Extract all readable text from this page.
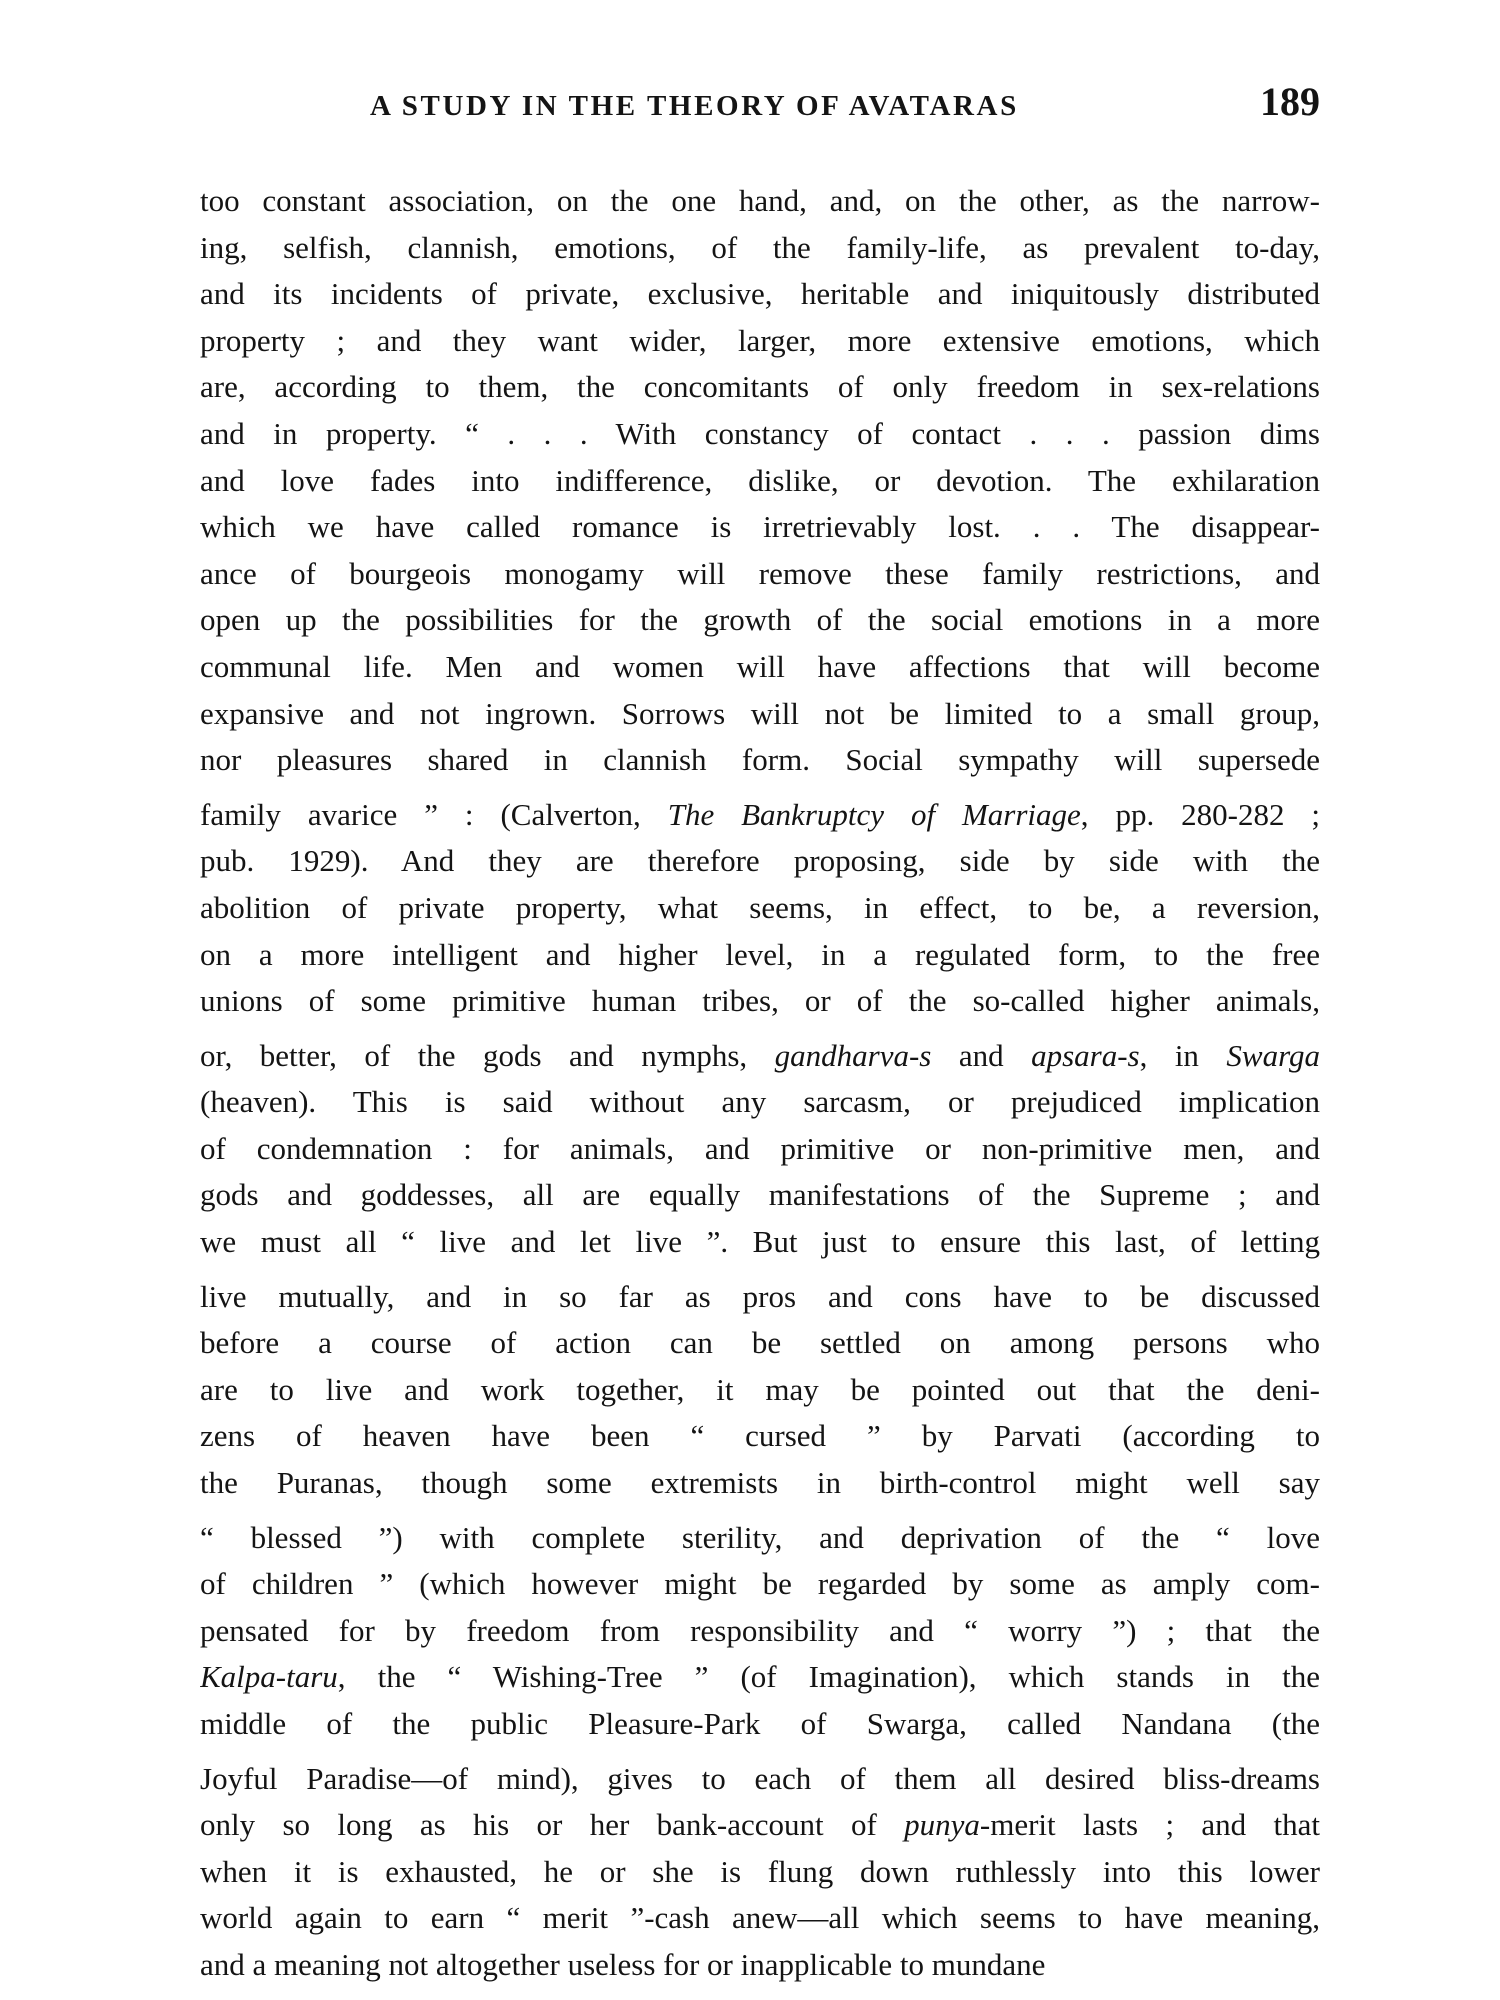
A STUDY IN THE THEORY OF AVATARAS	189
too constant association, on the one hand, and, on the other, as the narrow-
ing, selfish, clannish, emotions, of the family-life, as prevalent to-day,
and its incidents of private, exclusive, heritable and iniquitously distributed
property ; and they want wider, larger, more extensive emotions, which
are, according to them, the concomitants of only freedom in sex-relations
and in property. “ . . . With constancy of contact . . . passion dims
and love fades into indifference, dislike, or devotion. The exhilaration
which we have called romance is irretrievably lost. . . The disappear-
ance of bourgeois monogamy will remove these family restrictions, and
open up the possibilities for the growth of the social emotions in a more
communal life. Men and women will have affections that will become
expansive and not ingrown. Sorrows will not be limited to a small group,
nor pleasures shared in clannish form. Social sympathy will supersede
family avarice ” : (Calverton, The Bankruptcy of Marriage, pp. 280-282 ;
pub. 1929). And they are therefore proposing, side by side with the
abolition of private property, what seems, in effect, to be, a reversion,
on a more intelligent and higher level, in a regulated form, to the free
unions of some primitive human tribes, or of the so-called higher animals,
or, better, of the gods and nymphs, gandharva-s and apsara-s, in Swarga
(heaven). This is said without any sarcasm, or prejudiced implication
of condemnation : for animals, and primitive or non-primitive men, and
gods and goddesses, all are equally manifestations of the Supreme ; and
we must all “ live and let live ”. But just to ensure this last, of letting
live mutually, and in so far as pros and cons have to be discussed
before a course of action can be settled on among persons who
are to live and work together, it may be pointed out that the deni-
zens of heaven have been “ cursed ” by Parvati (according to
the Puranas, though some extremists in birth-control might well say
“ blessed ”) with complete sterility, and deprivation of the “ love
of children ” (which however might be regarded by some as amply com-
pensated for by freedom from responsibility and “ worry ”) ; that the
Kalpa-taru, the “ Wishing-Tree ” (of Imagination), which stands in the
middle of the public Pleasure-Park of Swarga, called Nandana (the
Joyful Paradise—of mind), gives to each of them all desired bliss-dreams
only so long as his or her bank-account of punya-merit lasts ; and that
when it is exhausted, he or she is flung down ruthlessly into this lower
world again to earn “ merit ”-cash anew—all which seems to have meaning,
and a meaning not altogether useless for or inapplicable to mundane
